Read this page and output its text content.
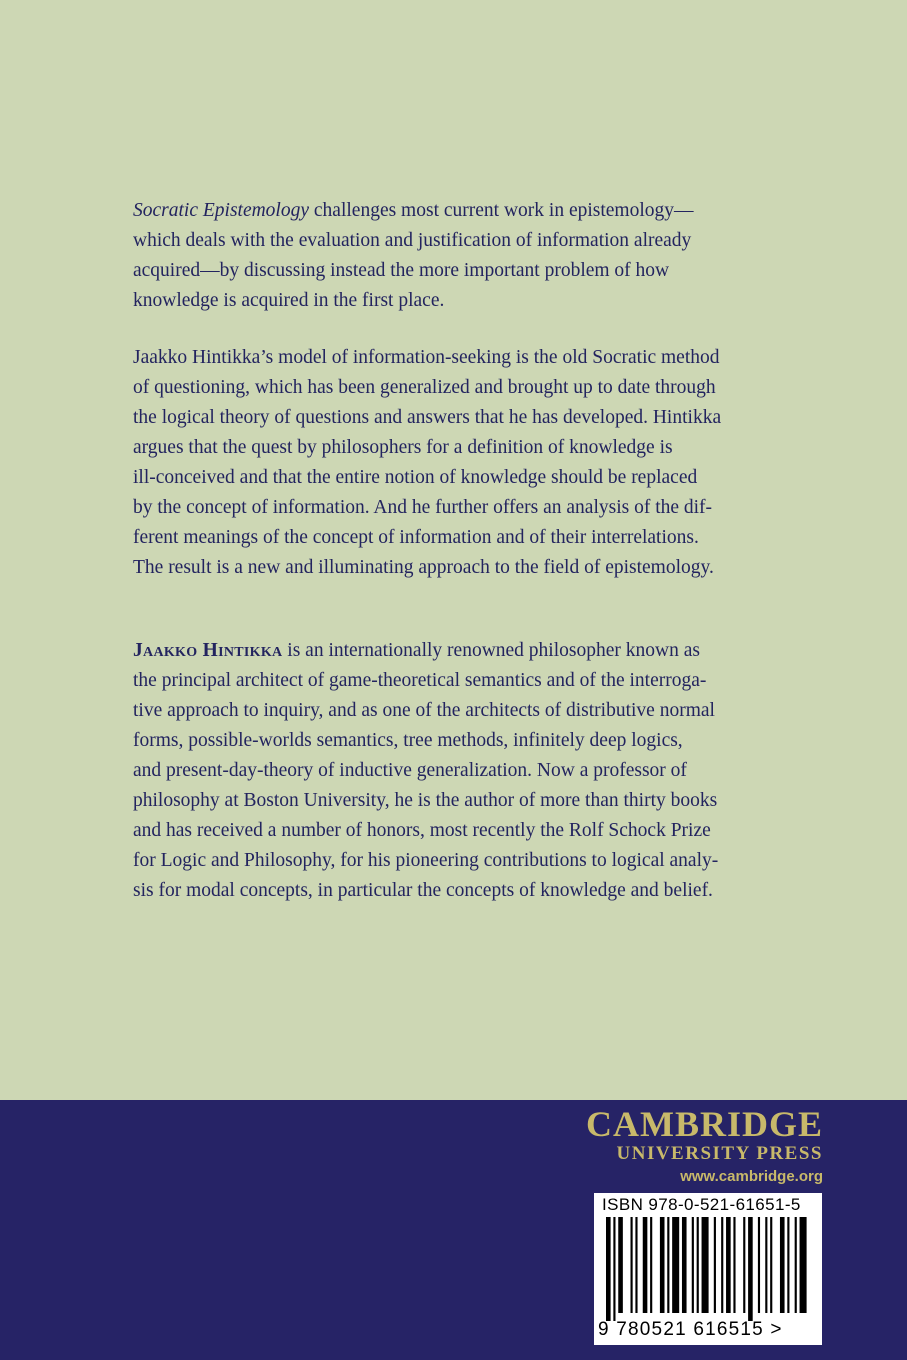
Socratic Epistemology challenges most current work in epistemology—
which deals with the evaluation and justification of information already
acquired—by discussing instead the more important problem of how
knowledge is acquired in the first place.

Jaakko Hintikka’s model of information-seeking is the old Socratic method
of questioning, which has been generalized and brought up to date through
the logical theory of questions and answers that he has developed. Hintikka
argues that the quest by philosophers for a definition of knowledge is
ill-conceived and that the entire notion of knowledge should be replaced
by the concept of information. And he further offers an analysis of the dif-
ferent meanings of the concept of information and of their interrelations.
The result is a new and illuminating approach to the field of epistemology.

Jaakko Hintikka is an internationally renowned philosopher known as
the principal architect of game-theoretical semantics and of the interroga-
tive approach to inquiry, and as one of the architects of distributive normal
forms, possible-worlds semantics, tree methods, infinitely deep logics,
and present-day-theory of inductive generalization. Now a professor of
philosophy at Boston University, he is the author of more than thirty books
and has received a number of honors, most recently the Rolf Schock Prize
for Logic and Philosophy, for his pioneering contributions to logical analy-
sis for modal concepts, in particular the concepts of knowledge and belief.

CAMBRIDGE
UNIVERSITY PRESS
www.cambridge.org
ISBN 978-0-521-61651-5
9 780521 616515 >
